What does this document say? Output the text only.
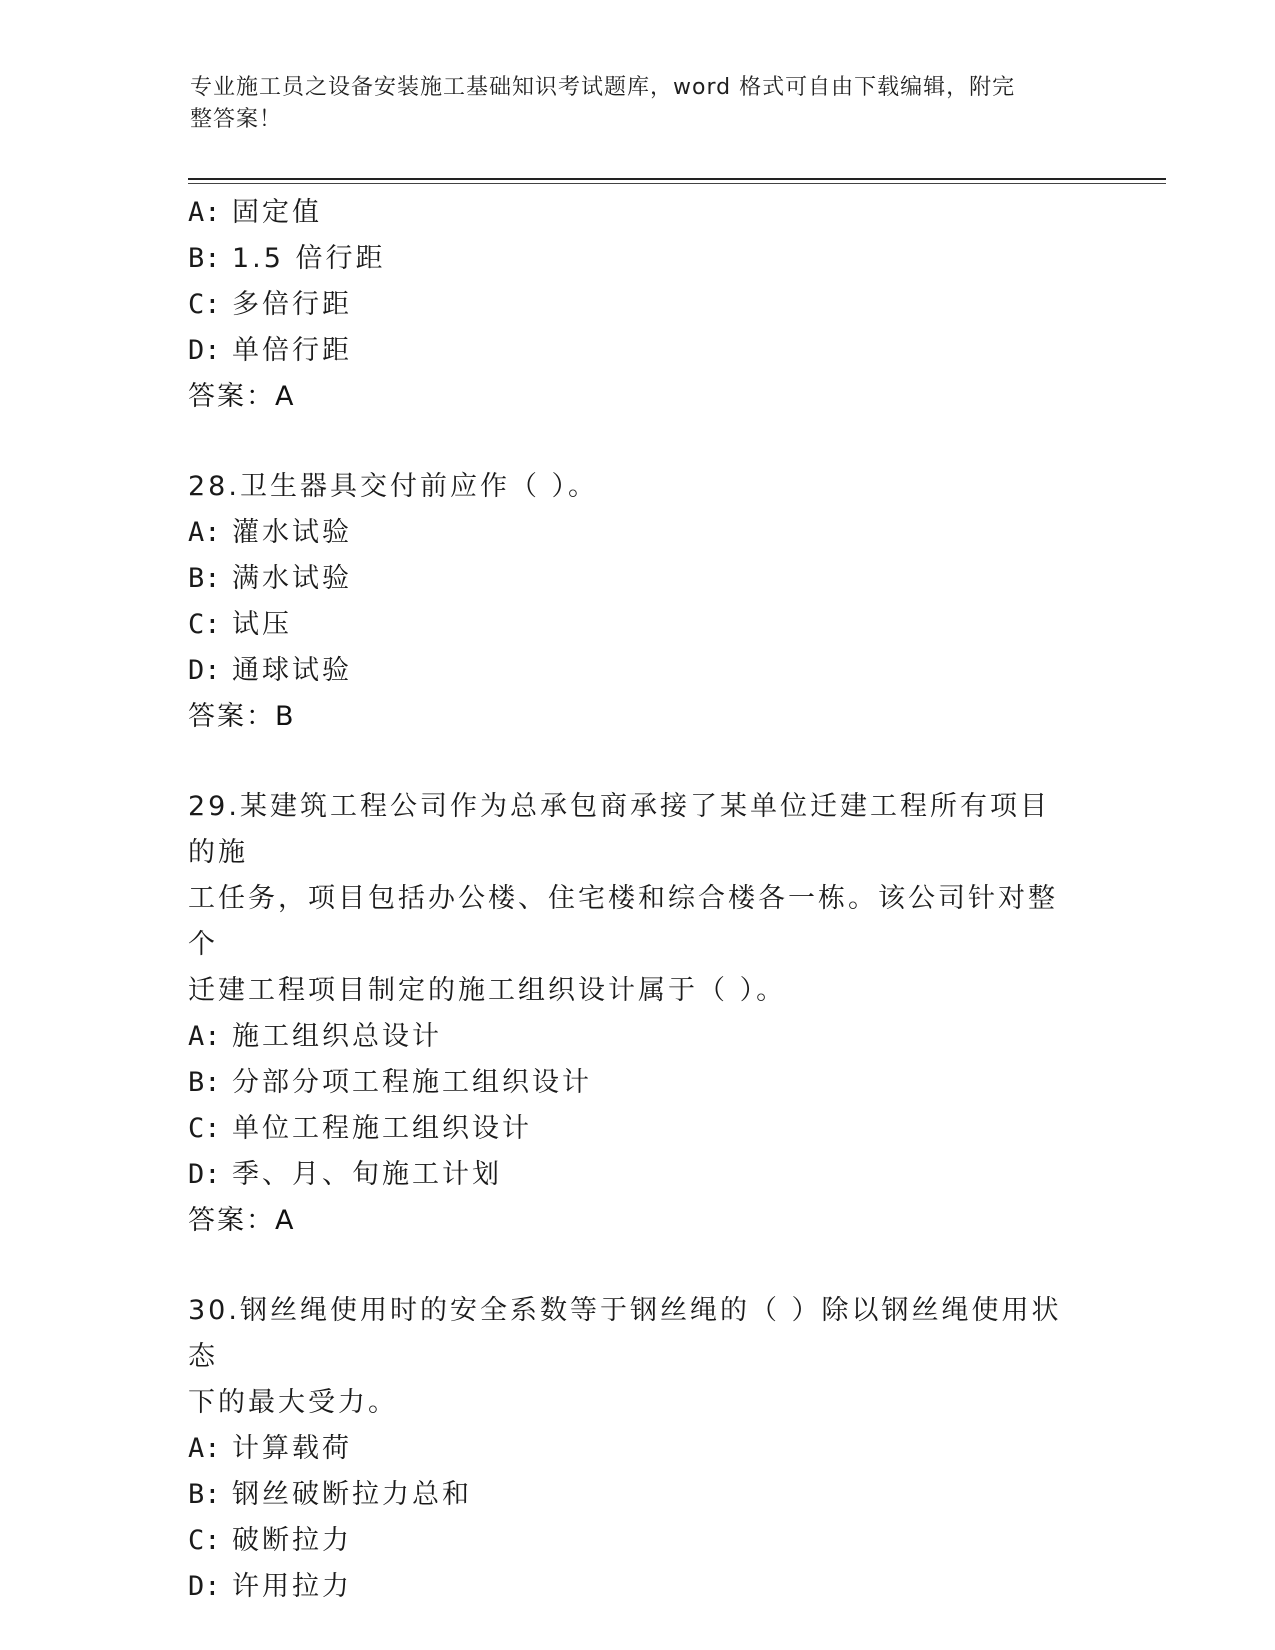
专业施工员之设备安装施工基础知识考试题库，word 格式可自由下载编辑，附完
整答案！
A: 固定值
B: 1.5 倍行距
C: 多倍行距
D: 单倍行距
答案：A
28.卫生器具交付前应作（ ）。
A: 灌水试验
B: 满水试验
C: 试压
D: 通球试验
答案：B
29.某建筑工程公司作为总承包商承接了某单位迁建工程所有项目的施
工任务，项目包括办公楼、住宅楼和综合楼各一栋。该公司针对整个
迁建工程项目制定的施工组织设计属于（ ）。
A: 施工组织总设计
B: 分部分项工程施工组织设计
C: 单位工程施工组织设计
D: 季、月、旬施工计划
答案：A
30.钢丝绳使用时的安全系数等于钢丝绳的（ ）除以钢丝绳使用状态
下的最大受力。
A: 计算载荷
B: 钢丝破断拉力总和
C: 破断拉力
D: 许用拉力
